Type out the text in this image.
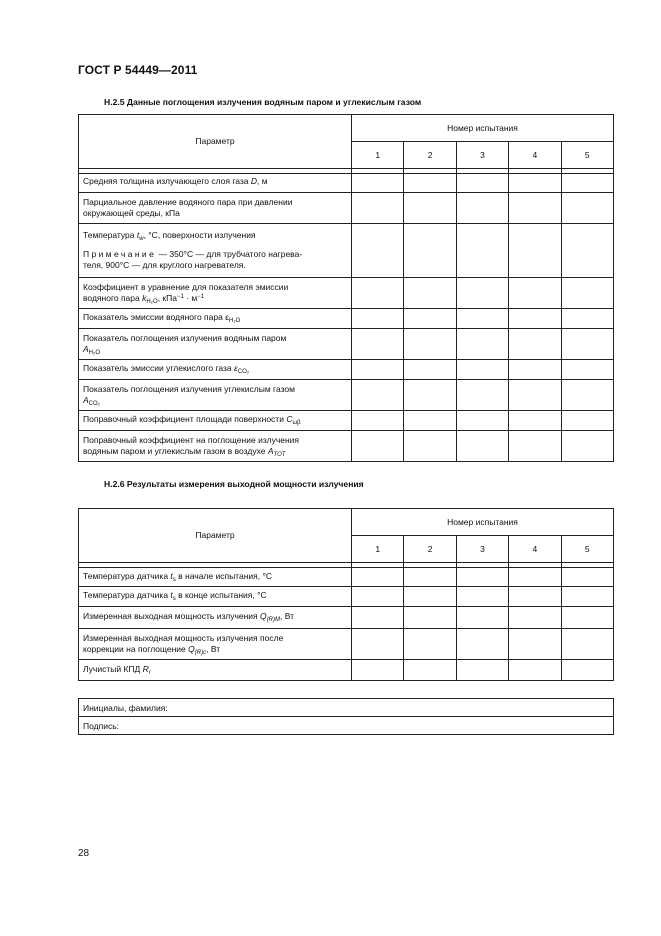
ГОСТ Р 54449—2011
Н.2.5 Данные поглощения излучения водяным паром и углекислым газом
Параметр	Номер испытания				
	1	2	3	4	5

Средняя толщина излучающего слоя газа D, м					

Парциальное давление водяного пара при давлении
окружающей среды, кПа					

Температура $t_w$, °С, поверхности излучения
Примечание — 350°С — для трубчатого нагрева-
теля, 900°С — для круглого нагревателя.					

Коэффициент в уравнение для показателя эмиссии
водяного пара $k_{H_2O}$, $кПа^{-1} \cdot м^{-1}$

Показатель эмиссии водяного пара $\varepsilon_{H_2O}$					

Показатель поглощения излучения водяным паром
$A_{H_2O}$

Показатель эмиссии углекислого газа $\varepsilon_{CO_2}$					

Показатель поглощения излучения углекислым газом
$A_{CO_2}$

Поправочный коэффициент площади поверхности $C_{\omega\beta}$					

Поправочный коэффициент на поглощение излучения
водяным паром и углекислым газом в воздухе $A_{TOT}$

Н.2.6 Результаты измерения выходной мощности излучения
Параметр	Номер испытания				
	1	2	3	4	5

Температура датчика $t_s$ в начале испытания, °С					
Температура датчика $t_s$ в конце испытания, °С					
Измеренная выходная мощность излучения $Q_{(R)M}$, Вт					

Измеренная выходная мощность излучения после
коррекции на поглощение $Q_{(R)c}$, Вт					

Лучистый КПД $R_r$					
Инициалы, фамилия:
Подпись:
28
